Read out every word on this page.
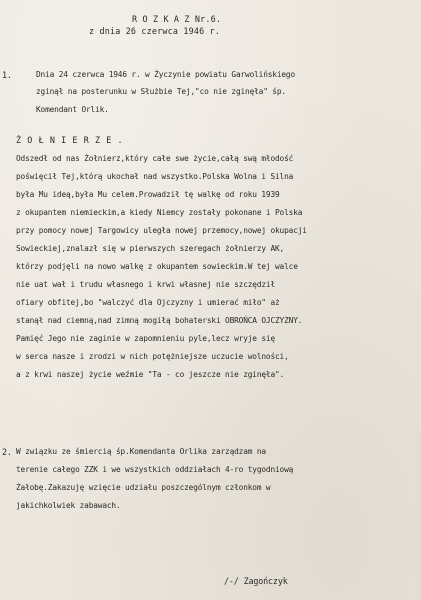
R O Z K A Z Nr.6.
z dnia 26 czerwca 1946 r.
1.	Dnia 24 czerwca 1946 r. w Życzynie powiatu Garwolińskiego
zginął na posterunku w Służbie Tej,"co nie zginęła" śp.
Komendant Orlik.
Ż O Ł N I E R Z E .
Odszedł od nas Żołnierz,który całe swe życie,całą swą młodość
poświęcił Tej,którą ukochał nad wszystko.Polska Wolna i Silna
była Mu ideą,była Mu celem.Prowadził tę walkę od roku 1939
z okupantem niemieckim,a kiedy Niemcy zostały pokonane i Polska
przy pomocy nowej Targowicy uległa nowej przemocy,nowej okupacji
Sowieckiej,znalazł się w pierwszych szeregach żołnierzy AK,
którzy podjęli na nowo walkę z okupantem sowieckim.W tej walce
nie uat wał i trudu własnego i krwi własnej nie szczędził
ofiary obfitej,bo "walczyć dla Ojczyzny i umierać miło" aż
stanął nad ciemną,nad zimną mogiłą bohaterski OBROŃCA OJCZYZNY.
Pamięć Jego nie zaginie w zapomnieniu pyle,lecz wryje się
w serca nasze i zrodzi w nich potężniejsze uczucie wolności,
a z krwi naszej życie weźmie "Ta - co jeszcze nie zginęła".
2. W związku ze śmiercią śp.Komendanta Orlika zarządzam na
terenie całego ZZK i we wszystkich oddziałach 4-ro tygodniową
Żałobę.Zakazuję wzięcie udziału poszczególnym członkom w
jakichkolwiek zabawach.
/-/ Zagończyk
